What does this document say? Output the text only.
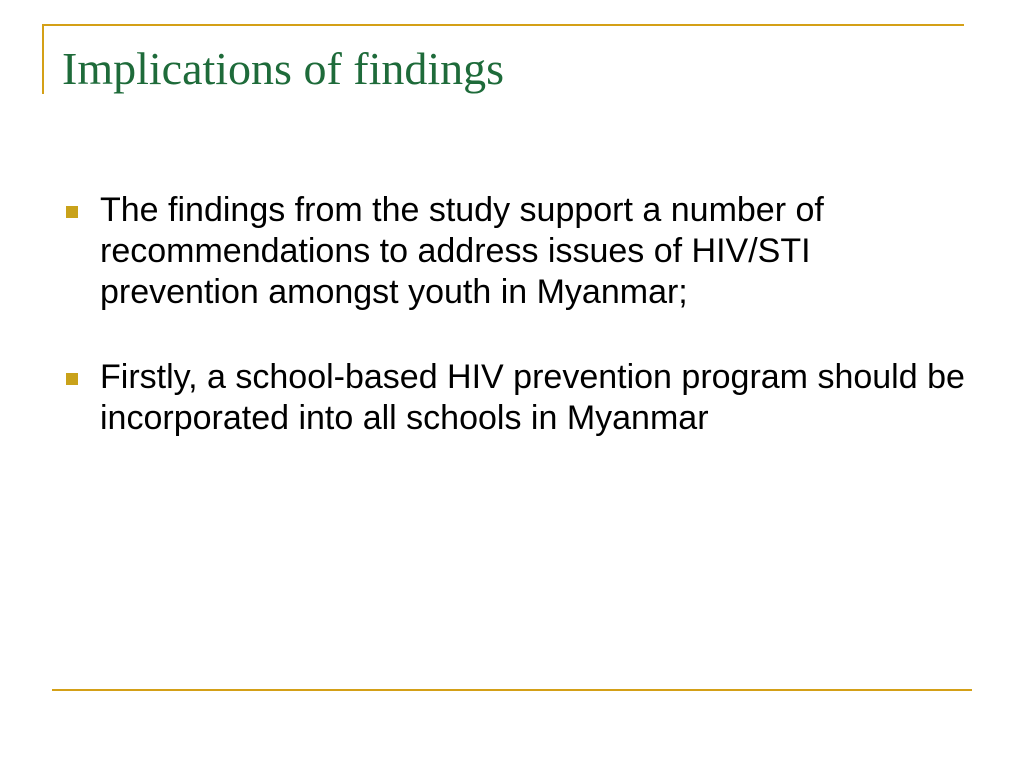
Implications of findings
The findings from the study support a number of recommendations to address issues of HIV/STI prevention amongst youth in Myanmar;
Firstly, a school-based HIV prevention program should be incorporated into all schools in Myanmar
